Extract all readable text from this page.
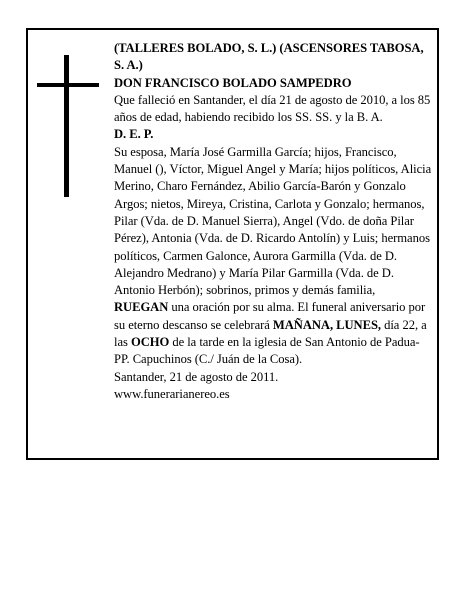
(TALLERES BOLADO, S. L.) (ASCENSORES TABOSA, S. A.)

DON FRANCISCO BOLADO SAMPEDRO

Que falleció en Santander, el día 21 de agosto de 2010, a los 85 años de edad, habiendo recibido los SS. SS. y la B. A.

D. E. P.

Su esposa, María José Garmilla García; hijos, Francisco, Manuel (), Víctor, Miguel Angel y María; hijos políticos, Alicia Merino, Charo Fernández, Abilio García-Barón y Gonzalo Argos; nietos, Mireya, Cristina, Carlota y Gonzalo; hermanos, Pilar (Vda. de D. Manuel Sierra), Angel (Vdo. de doña Pilar Pérez), Antonia (Vda. de D. Ricardo Antolín) y Luis; hermanos políticos, Carmen Galonce, Aurora Garmilla (Vda. de D. Alejandro Medrano) y María Pilar Garmilla (Vda. de D. Antonio Herbón); sobrinos, primos y demás familia, RUEGAN una oración por su alma. El funeral aniversario por su eterno descanso se celebrará MAÑANA, LUNES, día 22, a las OCHO de la tarde en la iglesia de San Antonio de Padua-PP. Capuchinos (C./ Juán de la Cosa).

Santander, 21 de agosto de 2011.

www.funerarianereo.es
